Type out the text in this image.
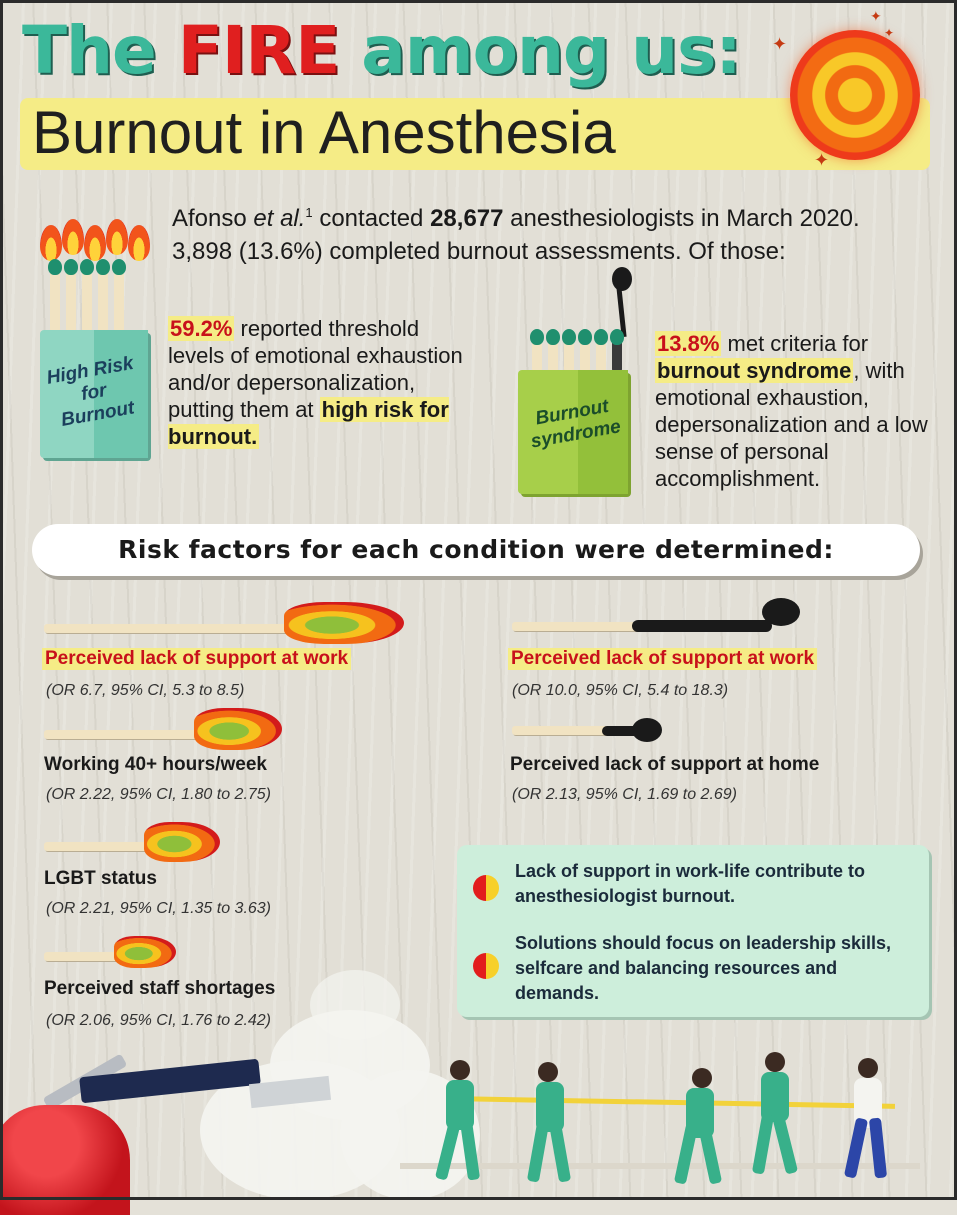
The FIRE among us:
Burnout in Anesthesia
✦
✦
✦
✦
Afonso et al.$^1$ contacted 28,677 anesthesiologists in March 2020.
3,898 (13.6%) completed burnout assessments. Of those:
High Risk for Burnout
59.2% reported threshold levels of emotional exhaustion and/or depersonalization, putting them at high risk for burnout.
Burnout syndrome
13.8% met criteria for burnout syndrome, with emotional exhaustion, depersonalization and a low sense of personal accomplishment.
Risk factors for each condition were determined:
Perceived lack of support at work
(OR 6.7, 95% CI, 5.3 to 8.5)
Working 40+ hours/week
(OR 2.22, 95% CI, 1.80 to 2.75)
LGBT status
(OR 2.21, 95% CI, 1.35 to 3.63)
Perceived staff shortages
(OR 2.06, 95% CI, 1.76 to 2.42)
Perceived lack of support at work
(OR 10.0, 95% CI, 5.4 to 18.3)
Perceived lack of support at home
(OR 2.13, 95% CI, 1.69 to 2.69)
Lack of support in work-life contribute to anesthesiologist burnout.
Solutions should focus on leadership skills, selfcare and balancing resources and demands.
